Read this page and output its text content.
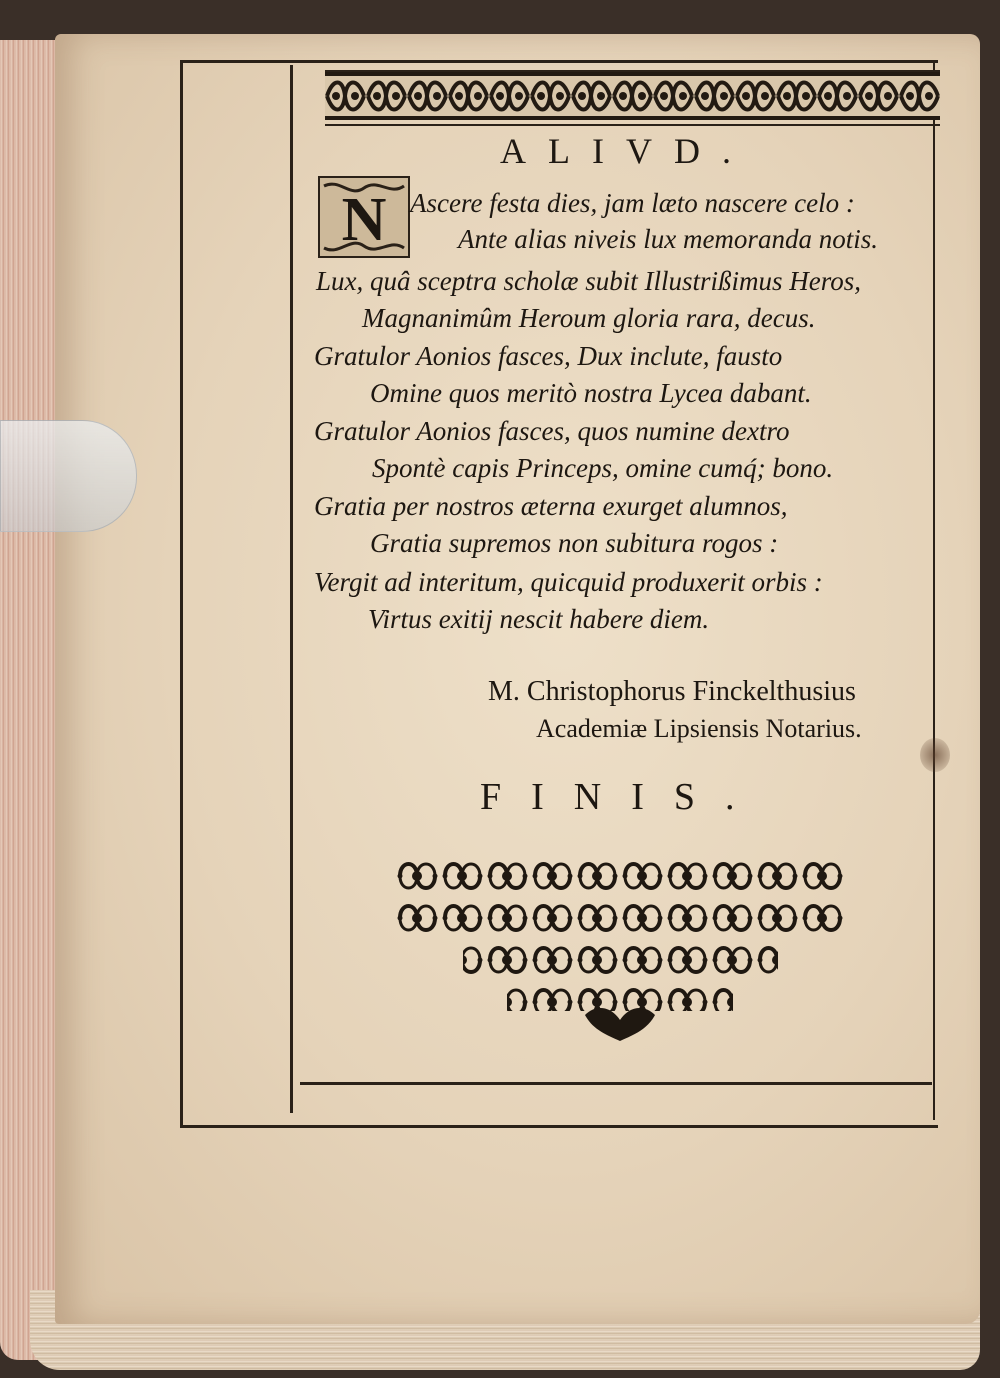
ALIVD.
N Ascere festa dies, jam læto nascere celo :
Ante alias niveis lux memoranda notis.
Lux, quâ sceptra scholæ subit Illustrißimus Heros,
Magnanimûm Heroum gloria rara, decus.
Gratulor Aonios fasces, Dux inclute, fausto
Omine quos meritò nostra Lycea dabant.
Gratulor Aonios fasces, quos numine dextro
Spontè capis Princeps, omine cumq́; bono.
Gratia per nostros æterna exurget alumnos,
Gratia supremos non subitura rogos :
Vergit ad interitum, quicquid produxerit orbis :
Virtus exitij nescit habere diem.
M. Christophorus Finckelthusius
Academiæ Lipsiensis Notarius.
FINIS.
